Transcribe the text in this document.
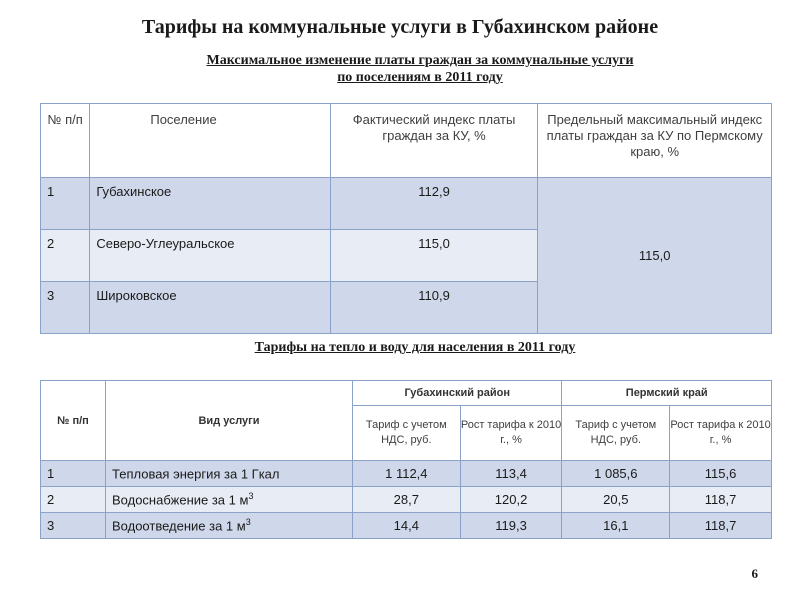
Тарифы на коммунальные услуги в Губахинском районе
Максимальное изменение платы граждан за коммунальные услуги
по поселениям в 2011 году
№ п/п	Поселение	Фактический индекс платы граждан за КУ, %	Предельный максимальный индекс платы граждан за КУ по Пермскому краю, %
1	Губахинское	112,9	115,0
2	Северо-Углеуральское	115,0	
3	Широковское	110,9	
Тарифы на тепло и воду для населения в 2011 году
№ п/п	Вид услуги	Губахинский район		Пермский край	
		Тариф с учетом НДС, руб.	Рост тарифа к 2010 г., %	Тариф с учетом НДС, руб.	Рост тарифа к 2010 г., %
1	Тепловая энергия за 1 Гкал	1 112,4	113,4	1 085,6	115,6
2	Водоснабжение за 1 $м^3$	28,7	120,2	20,5	118,7
3	Водоотведение за 1 $м^3$	14,4	119,3	16,1	118,7
6
